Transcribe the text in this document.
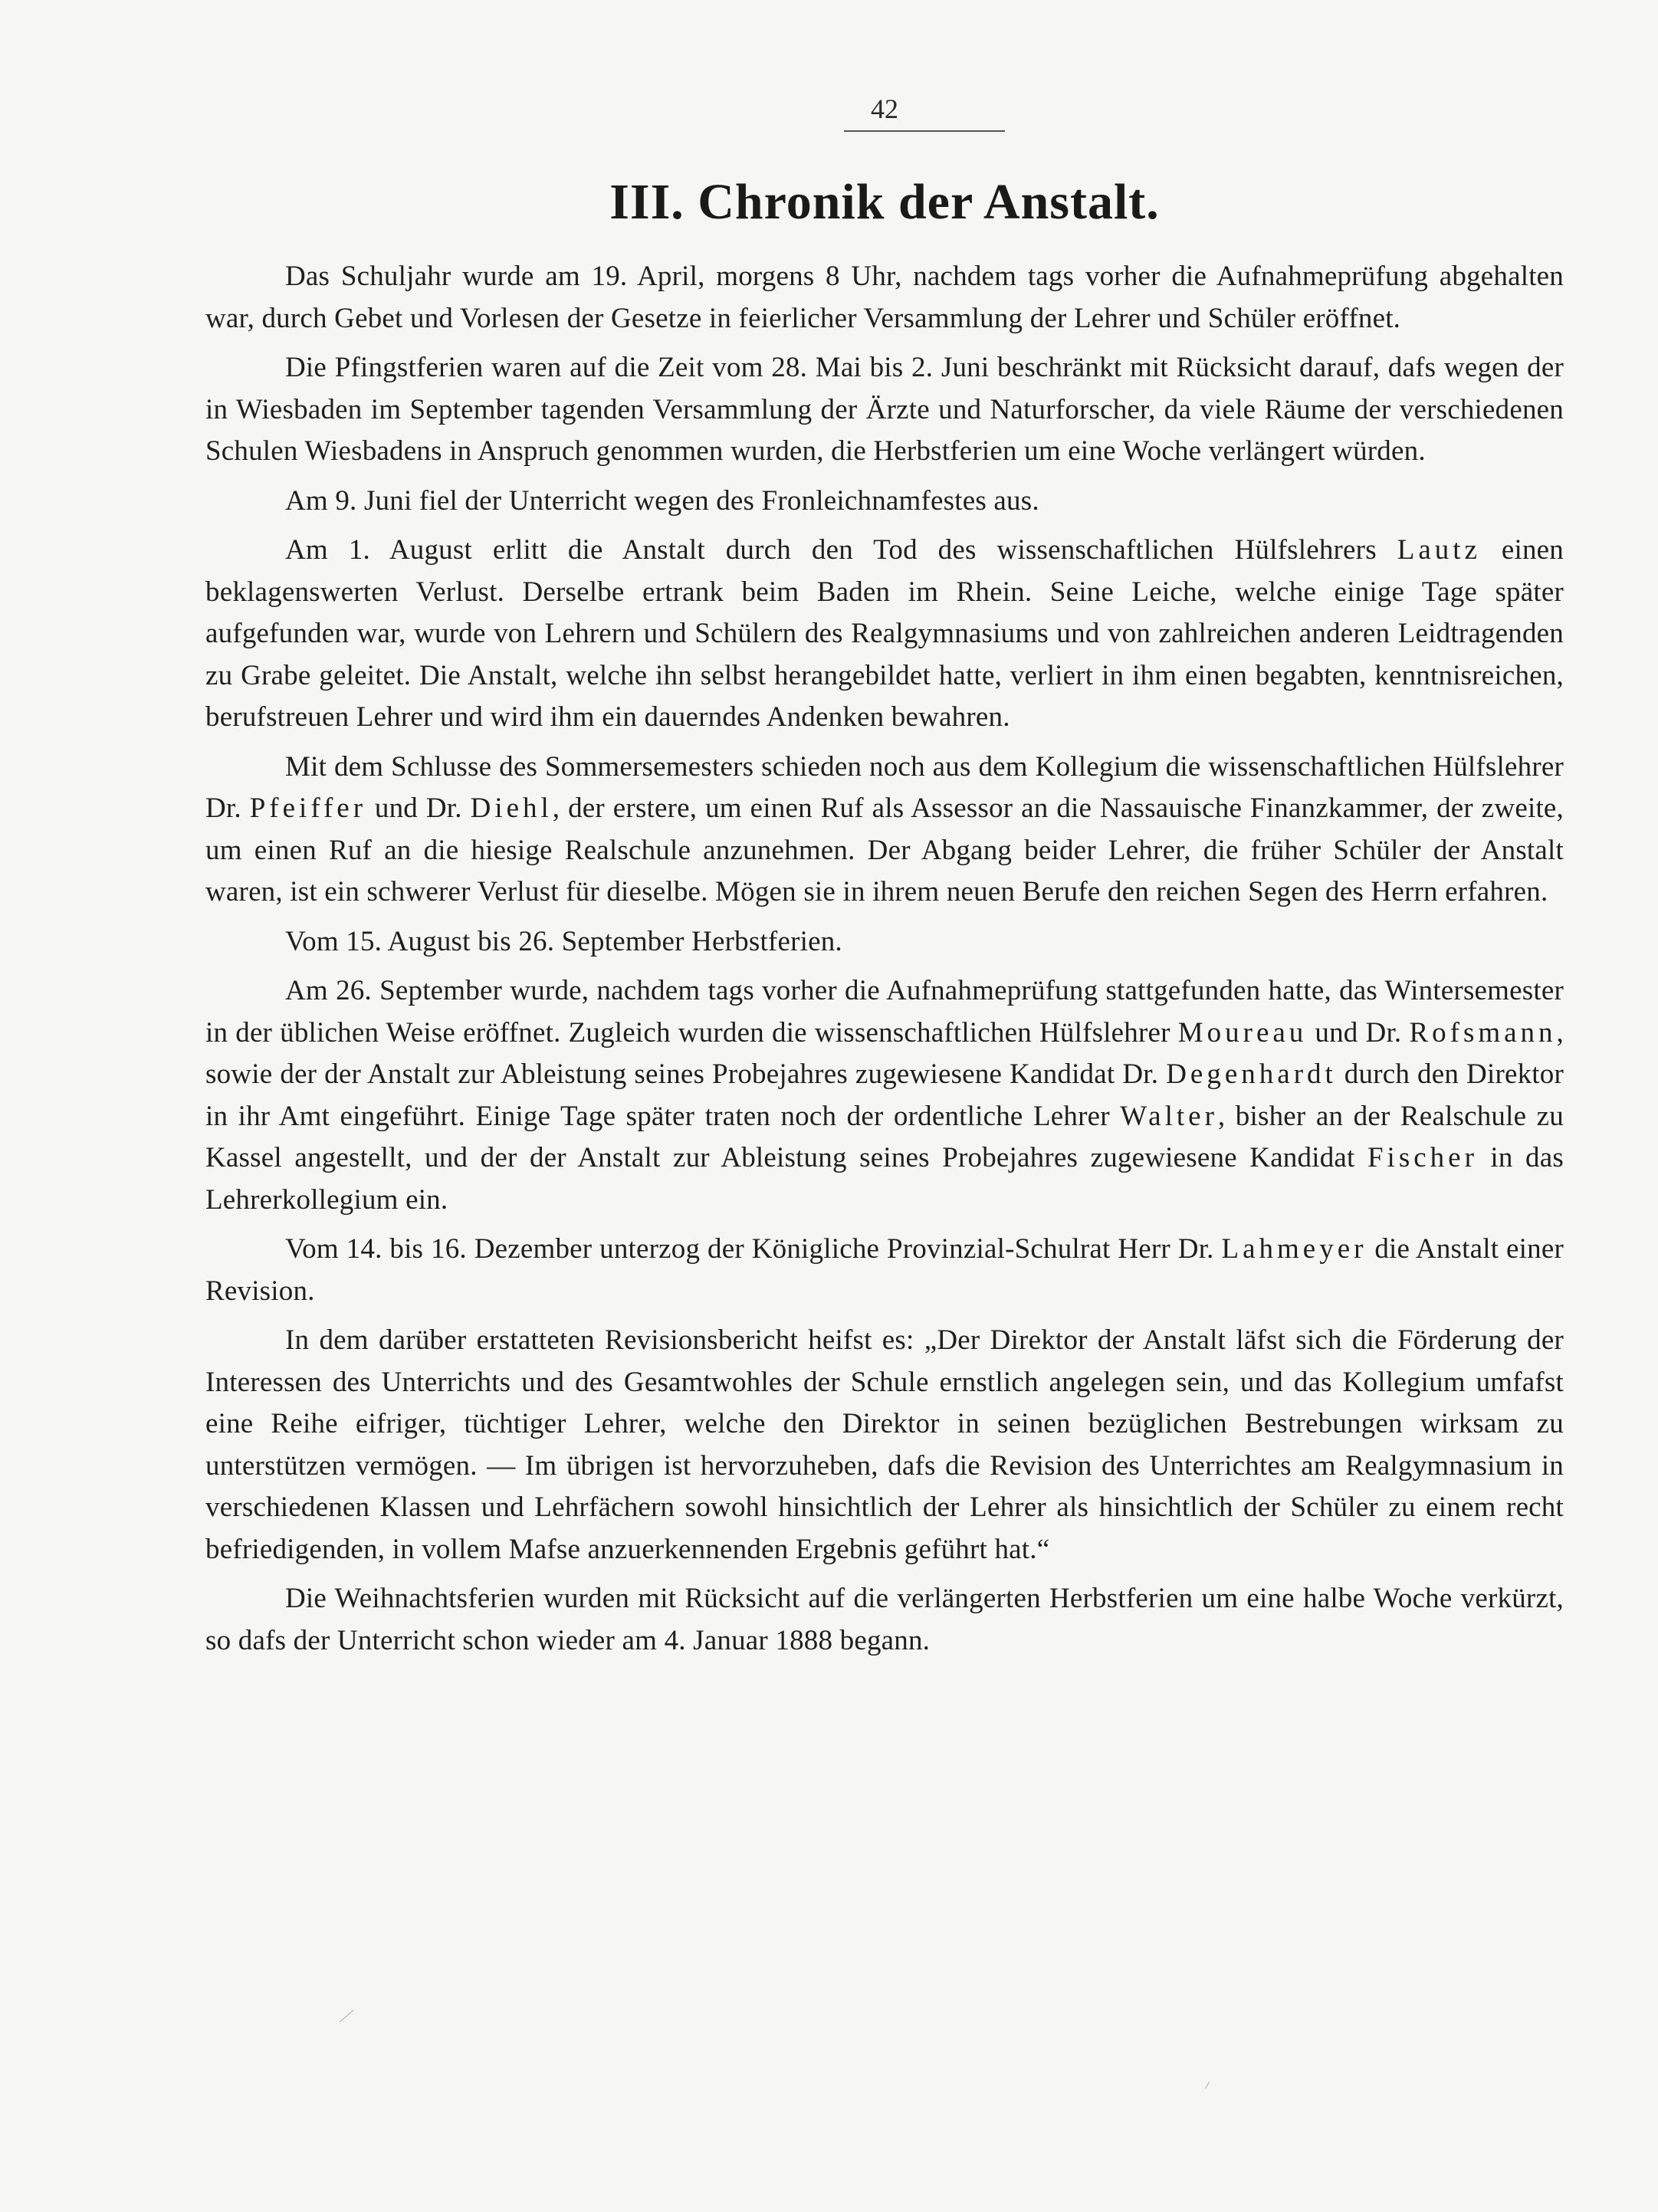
42
III. Chronik der Anstalt.

Das Schuljahr wurde am 19. April, morgens 8 Uhr, nachdem tags vorher die Aufnahmeprüfung abgehalten war, durch Gebet und Vorlesen der Gesetze in feierlicher Versammlung der Lehrer und Schüler eröffnet.

Die Pfingstferien waren auf die Zeit vom 28. Mai bis 2. Juni beschränkt mit Rücksicht darauf, dafs wegen der in Wiesbaden im September tagenden Versammlung der Ärzte und Naturforscher, da viele Räume der verschiedenen Schulen Wiesbadens in Anspruch genommen wurden, die Herbstferien um eine Woche verlängert würden.

Am 9. Juni fiel der Unterricht wegen des Fronleichnamfestes aus.

Am 1. August erlitt die Anstalt durch den Tod des wissenschaftlichen Hülfslehrers Lautz einen beklagenswerten Verlust. Derselbe ertrank beim Baden im Rhein. Seine Leiche, welche einige Tage später aufgefunden war, wurde von Lehrern und Schülern des Realgymnasiums und von zahlreichen anderen Leidtragenden zu Grabe geleitet. Die Anstalt, welche ihn selbst herangebildet hatte, verliert in ihm einen begabten, kenntnisreichen, berufstreuen Lehrer und wird ihm ein dauerndes Andenken bewahren.

Mit dem Schlusse des Sommersemesters schieden noch aus dem Kollegium die wissenschaftlichen Hülfslehrer Dr. Pfeiffer und Dr. Diehl, der erstere, um einen Ruf als Assessor an die Nassauische Finanzkammer, der zweite, um einen Ruf an die hiesige Realschule anzunehmen. Der Abgang beider Lehrer, die früher Schüler der Anstalt waren, ist ein schwerer Verlust für dieselbe. Mögen sie in ihrem neuen Berufe den reichen Segen des Herrn erfahren.

Vom 15. August bis 26. September Herbstferien.

Am 26. September wurde, nachdem tags vorher die Aufnahmeprüfung stattgefunden hatte, das Wintersemester in der üblichen Weise eröffnet. Zugleich wurden die wissenschaftlichen Hülfslehrer Moureau und Dr. Rofsmann, sowie der der Anstalt zur Ableistung seines Probejahres zugewiesene Kandidat Dr. Degenhardt durch den Direktor in ihr Amt eingeführt. Einige Tage später traten noch der ordentliche Lehrer Walter, bisher an der Realschule zu Kassel angestellt, und der der Anstalt zur Ableistung seines Probejahres zugewiesene Kandidat Fischer in das Lehrerkollegium ein.

Vom 14. bis 16. Dezember unterzog der Königliche Provinzial-Schulrat Herr Dr. Lahmeyer die Anstalt einer Revision.

In dem darüber erstatteten Revisionsbericht heifst es: „Der Direktor der Anstalt läfst sich die Förderung der Interessen des Unterrichts und des Gesamtwohles der Schule ernstlich angelegen sein, und das Kollegium umfafst eine Reihe eifriger, tüchtiger Lehrer, welche den Direktor in seinen bezüglichen Bestrebungen wirksam zu unterstützen vermögen. — Im übrigen ist hervorzuheben, dafs die Revision des Unterrichtes am Realgymnasium in verschiedenen Klassen und Lehrfächern sowohl hinsichtlich der Lehrer als hinsichtlich der Schüler zu einem recht befriedigenden, in vollem Mafse anzuerkennenden Ergebnis geführt hat.“

Die Weihnachtsferien wurden mit Rücksicht auf die verlängerten Herbstferien um eine halbe Woche verkürzt, so dafs der Unterricht schon wieder am 4. Januar 1888 begann.
